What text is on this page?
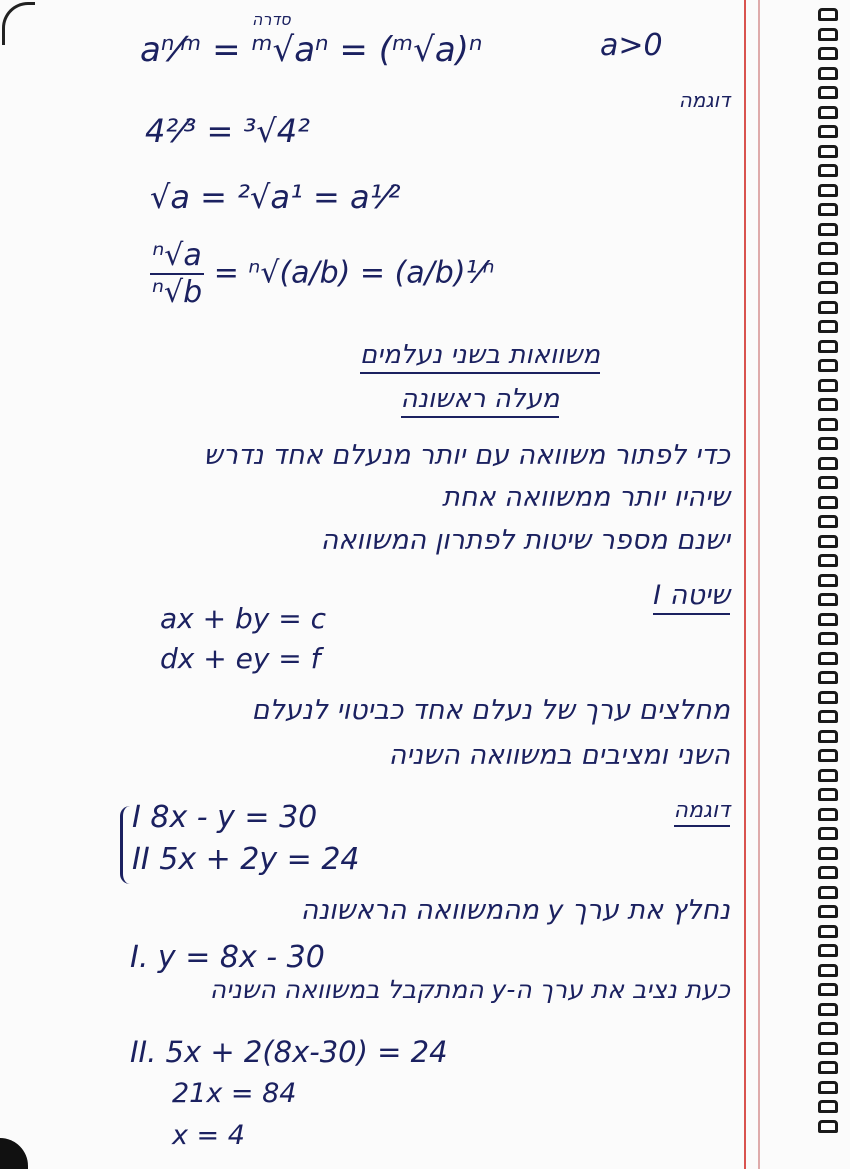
aⁿ⁄ᵐ = ᵐ√aⁿ = (ᵐ√a)ⁿ
סדרה
a>0
דוגמה
4²⁄³ = ³√4²
√a = ²√a¹ = a¹⁄²
$\frac{\text{ⁿ√a}}{\text{ⁿ√b}} = ^n√(a/b)$ = (a/b)¹⁄ⁿ
משוואות בשני נעלמים
מעלה ראשונה
כדי לפתור משוואה עם יותר מנעלם אחד נדרש
שיהיו יותר ממשוואה אחת
ישנם מספר שיטות לפתרון המשוואה
שיטה I
ax + by = c
dx + ey = f
מחלצים ערך של נעלם אחד כביטוי לנעלם
השני ומציבים במשוואה השניה
דוגמה
I 8x - y = 30
II 5x + 2y = 24
נחלץ את ערך y מהמשוואה הראשונה
I. y = 8x - 30
כעת נציב את ערך ה-y המתקבל במשוואה השניה
II. 5x + 2(8x-30) = 24
21x = 84
x = 4
